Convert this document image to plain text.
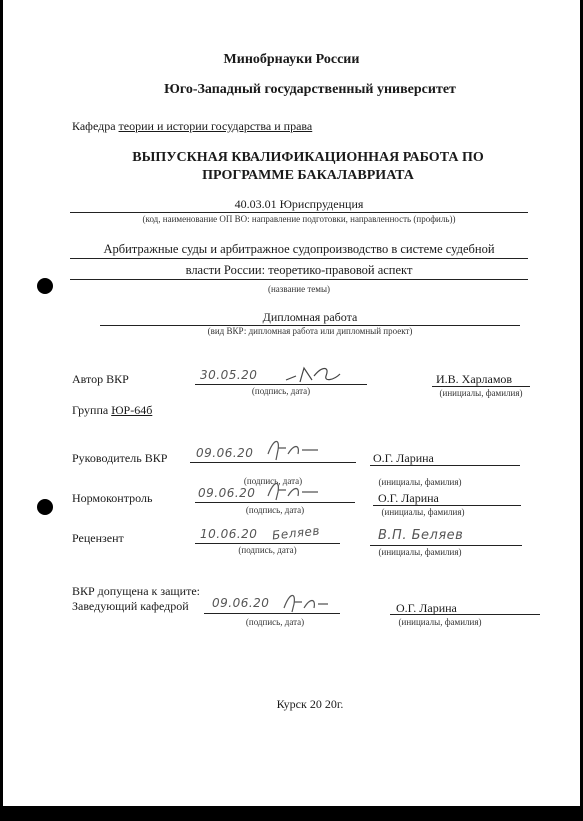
Минобрнауки России
Юго-Западный государственный университет
Кафедра теории и истории государства и права
ВЫПУСКНАЯ КВАЛИФИКАЦИОННАЯ РАБОТА ПО
ПРОГРАММЕ БАКАЛАВРИАТА
40.03.01 Юриспруденция
(код, наименование ОП ВО: направление подготовки, направленность (профиль))
Арбитражные суды и арбитражное судопроизводство в системе судебной
власти России: теоретико-правовой аспект
(название темы)
Дипломная работа
(вид ВКР: дипломная работа или дипломный проект)
Автор ВКР	30.05.20
(подпись, дата)
И.В. Харламов
(инициалы, фамилия)
Группа ЮР-64б
Руководитель ВКР 09.06.20
(подпись, дата)
О.Г. Ларина
(инициалы, фамилия)
Нормоконтроль	09.06.20
(подпись, дата)
О.Г. Ларина
(инициалы, фамилия)
Рецензент	10.06.20 Беляев
(подпись, дата)
В.П. Беляев
(инициалы, фамилия)
ВКР допущена к защите:
Заведующий кафедрой 09.06.20
(подпись, дата)
О.Г. Ларина
(инициалы, фамилия)
Курск 20 20г.
